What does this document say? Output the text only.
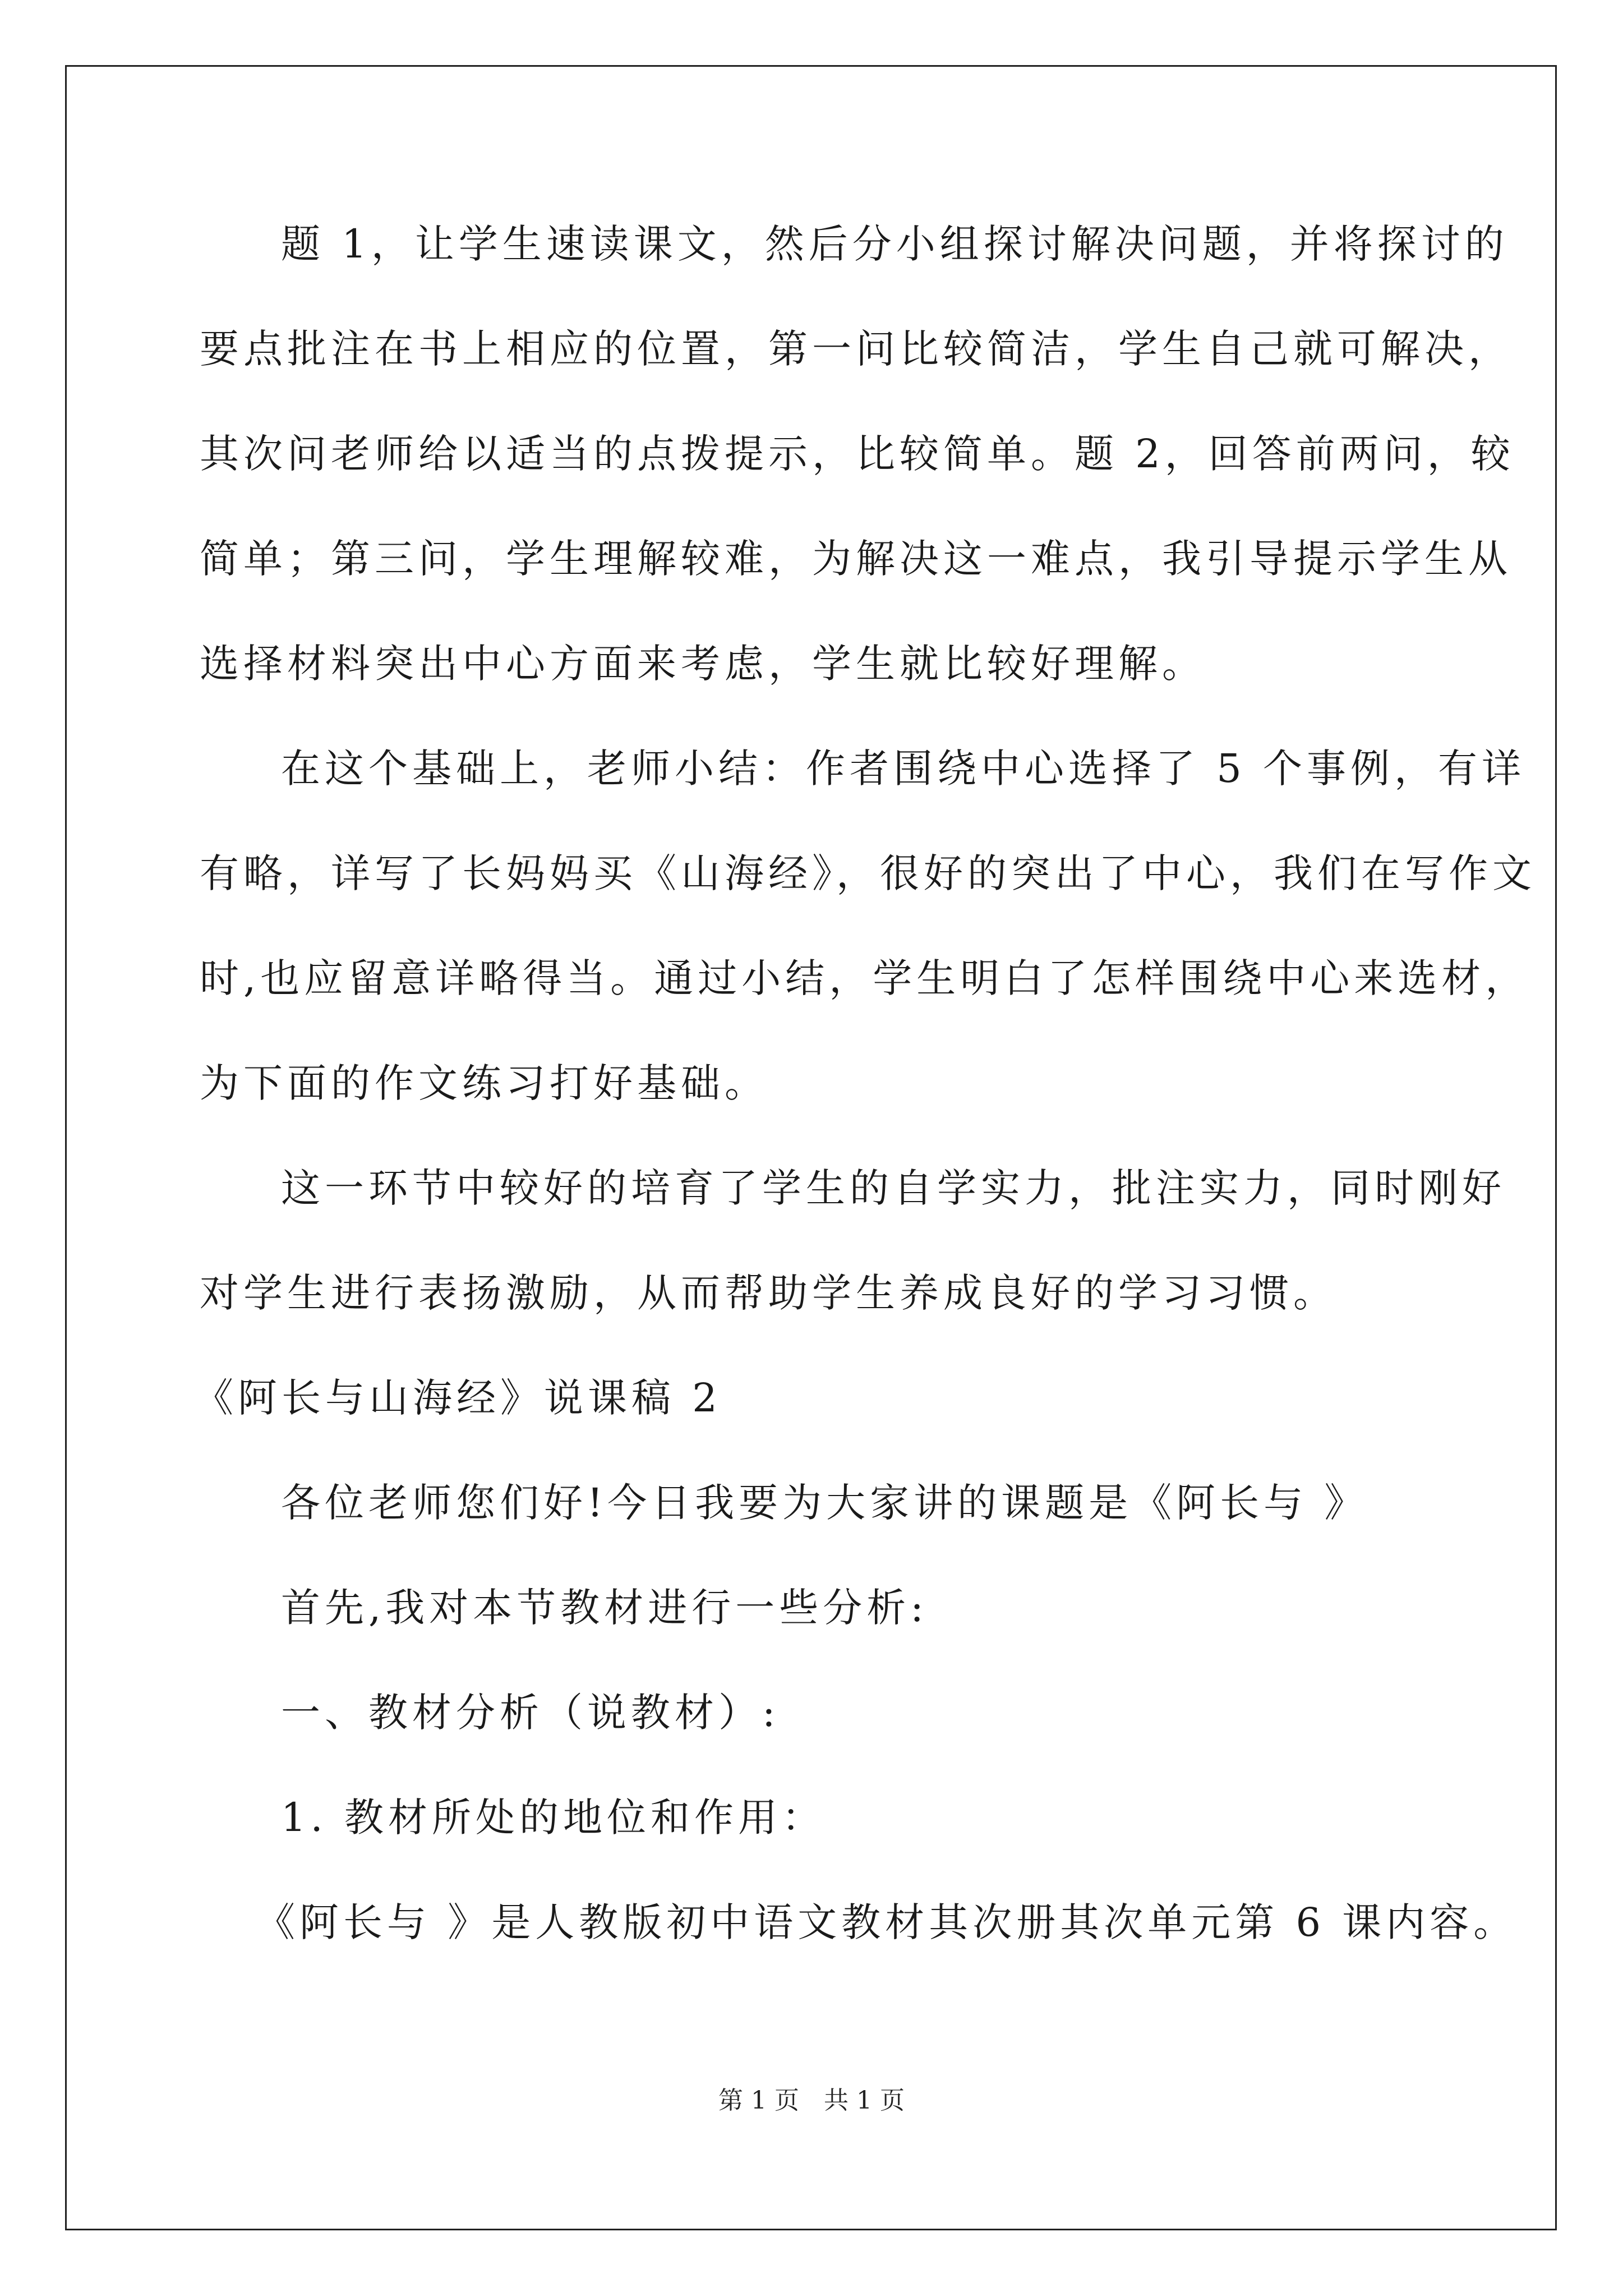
题 1，让学生速读课文，然后分小组探讨解决问题，并将探讨的
要点批注在书上相应的位置，第一问比较简洁，学生自己就可解决，
其次问老师给以适当的点拨提示，比较简单。题 2，回答前两问，较
简单；第三问，学生理解较难，为解决这一难点，我引导提示学生从
选择材料突出中心方面来考虑，学生就比较好理解。
在这个基础上，老师小结：作者围绕中心选择了 5 个事例，有详
有略，详写了长妈妈买《山海经》，很好的突出了中心，我们在写作文
时,也应留意详略得当。通过小结，学生明白了怎样围绕中心来选材，
为下面的作文练习打好基础。
这一环节中较好的培育了学生的自学实力，批注实力，同时刚好
对学生进行表扬激励，从而帮助学生养成良好的学习习惯。
《阿长与山海经》说课稿 2
各位老师您们好!今日我要为大家讲的课题是《阿长与 》
首先,我对本节教材进行一些分析:
一、教材分析（说教材）:
1. 教材所处的地位和作用：
《阿长与 》是人教版初中语文教材其次册其次单元第 6 课内容。
第 1 页 共 1 页
